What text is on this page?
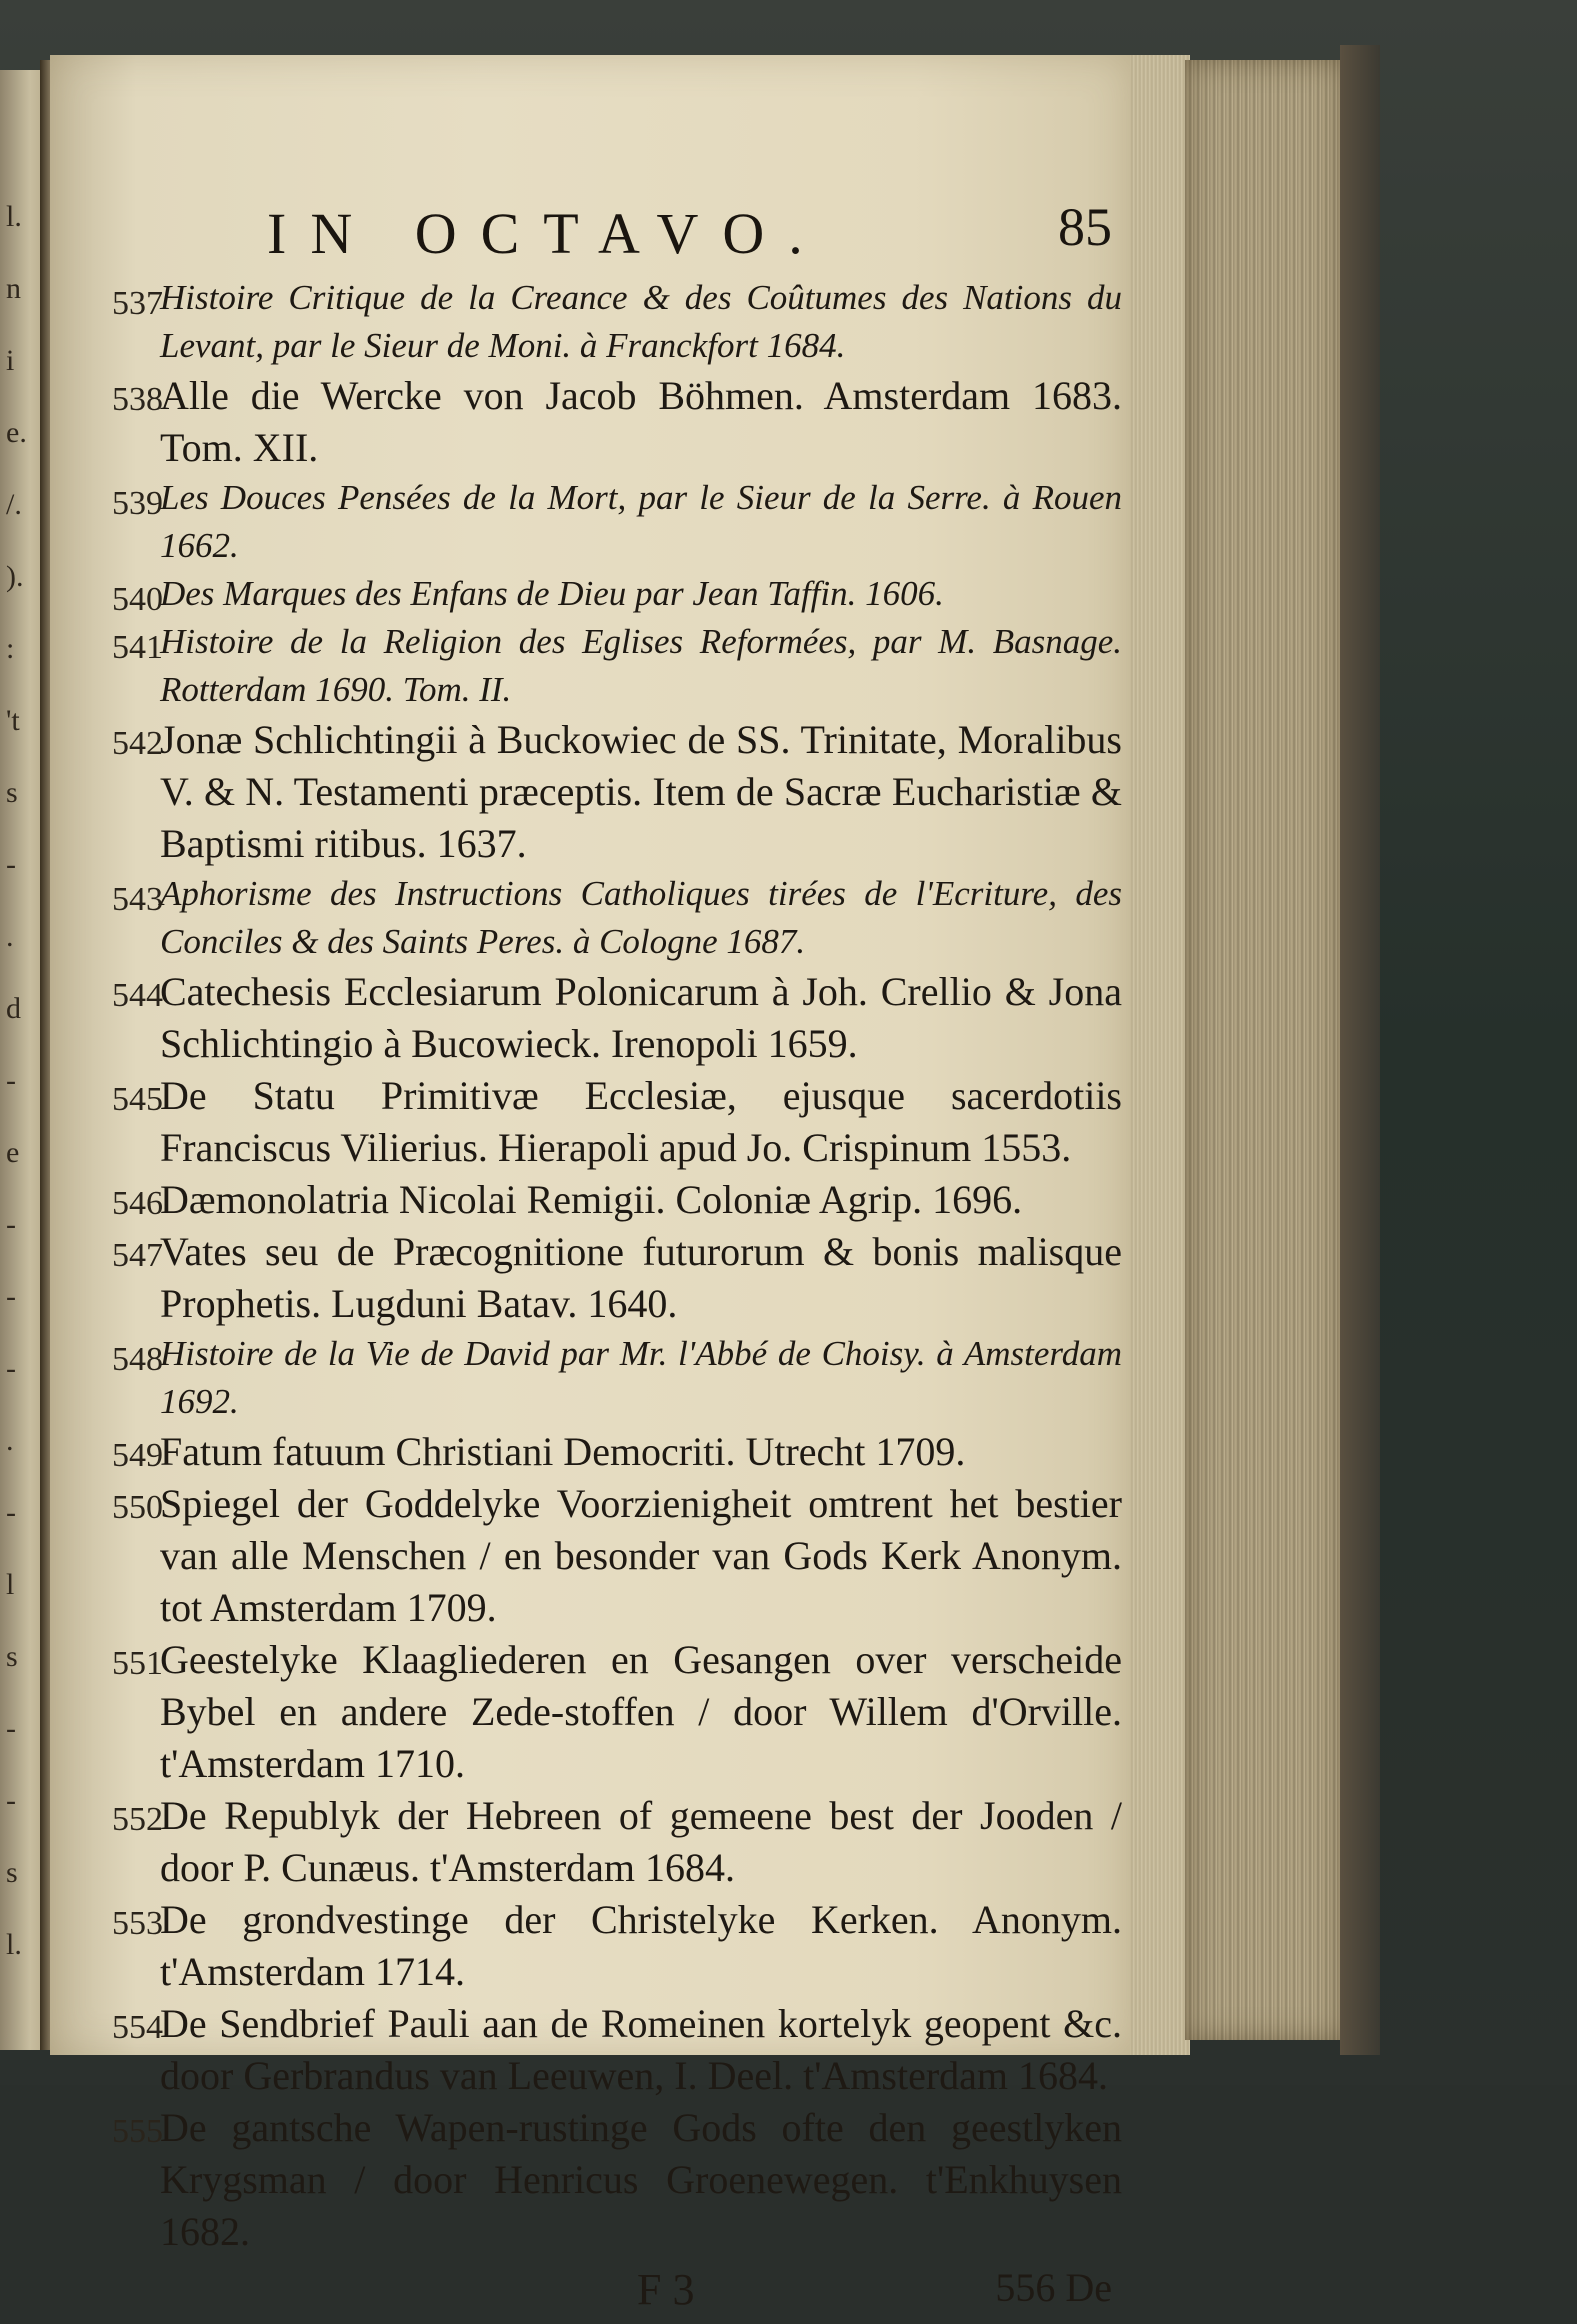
l.
n
i
e.
/.
).
:
't
s
-
.
d
-
e
-
-
-
.
-
l
s
-
-
s
l.
IN OCTAVO.	85
537
Histoire Critique de la Creance & des Coûtumes des Nations du Levant, par le Sieur de Moni. à Franckfort 1684.
538
Alle die Wercke von Jacob Böhmen. Amsterdam 1683. Tom. XII.
539
Les Douces Pensées de la Mort, par le Sieur de la Serre. à Rouen 1662.
540
Des Marques des Enfans de Dieu par Jean Taffin. 1606.
541
Histoire de la Religion des Eglises Reformées, par M. Basnage. Rotterdam 1690. Tom. II.
542
Jonæ Schlichtingii à Buckowiec de SS. Trinitate, Moralibus V. & N. Testamenti præceptis. Item de Sacræ Eucharistiæ & Baptismi ritibus. 1637.
543
Aphorisme des Instructions Catholiques tirées de l'Ecriture, des Conciles & des Saints Peres. à Cologne 1687.
544
Catechesis Ecclesiarum Polonicarum à Joh. Crellio & Jona Schlichtingio à Bucowieck. Irenopoli 1659.
545
De Statu Primitivæ Ecclesiæ, ejusque sacerdotiis Franciscus Vilierius. Hierapoli apud Jo. Crispinum 1553.
546
Dæmonolatria Nicolai Remigii. Coloniæ Agrip. 1696.
547
Vates seu de Præcognitione futurorum & bonis malisque Prophetis. Lugduni Batav. 1640.
548
Histoire de la Vie de David par Mr. l'Abbé de Choisy. à Amsterdam 1692.
549
Fatum fatuum Christiani Democriti. Utrecht 1709.
550
Spiegel der Goddelyke Voorzienigheit omtrent het bestier van alle Menschen / en besonder van Gods Kerk Anonym. tot Amsterdam 1709.
551
Geestelyke Klaagliederen en Gesangen over verscheide Bybel en andere Zede-stoffen / door Willem d'Orville. t'Amsterdam 1710.
552
De Republyk der Hebreen of gemeene best der Jooden / door P. Cunæus. t'Amsterdam 1684.
553
De grondvestinge der Christelyke Kerken. Anonym. t'Amsterdam 1714.
554
De Sendbrief Pauli aan de Romeinen kortelyk geopent &c. door Gerbrandus van Leeuwen, I. Deel. t'Amsterdam 1684.
555
De gantsche Wapen-rustinge Gods ofte den geestlyken Krygsman / door Henricus Groenewegen. t'Enkhuysen 1682.
F 3	556 De
